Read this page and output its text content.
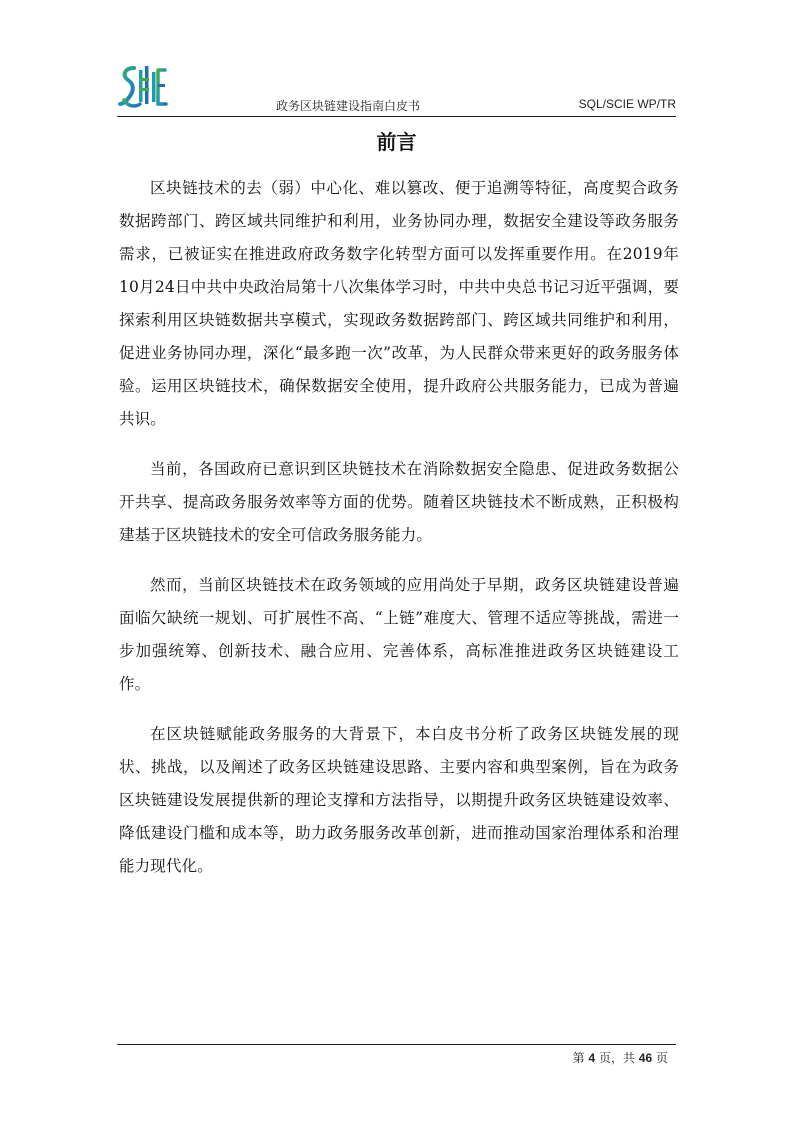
政务区块链建设指南白皮书	SQL/SCIE WP/TR
前言

区块链技术的去（弱）中心化、难以篡改、便于追溯等特征，高度契合政务数据跨部门、跨区域共同维护和利用，业务协同办理，数据安全建设等政务服务需求，已被证实在推进政府政务数字化转型方面可以发挥重要作用。在2019年10月24日中共中央政治局第十八次集体学习时，中共中央总书记习近平强调，要探索利用区块链数据共享模式，实现政务数据跨部门、跨区域共同维护和利用，促进业务协同办理，深化“最多跑一次”改革，为人民群众带来更好的政务服务体验。运用区块链技术，确保数据安全使用，提升政府公共服务能力，已成为普遍共识。

当前，各国政府已意识到区块链技术在消除数据安全隐患、促进政务数据公开共享、提高政务服务效率等方面的优势。随着区块链技术不断成熟，正积极构建基于区块链技术的安全可信政务服务能力。

然而，当前区块链技术在政务领域的应用尚处于早期，政务区块链建设普遍面临欠缺统一规划、可扩展性不高、“上链”难度大、管理不适应等挑战，需进一步加强统筹、创新技术、融合应用、完善体系，高标准推进政务区块链建设工作。

在区块链赋能政务服务的大背景下，本白皮书分析了政务区块链发展的现状、挑战，以及阐述了政务区块链建设思路、主要内容和典型案例，旨在为政务区块链建设发展提供新的理论支撑和方法指导，以期提升政务区块链建设效率、降低建设门槛和成本等，助力政务服务改革创新，进而推动国家治理体系和治理能力现代化。

第 4 页，共 46 页
